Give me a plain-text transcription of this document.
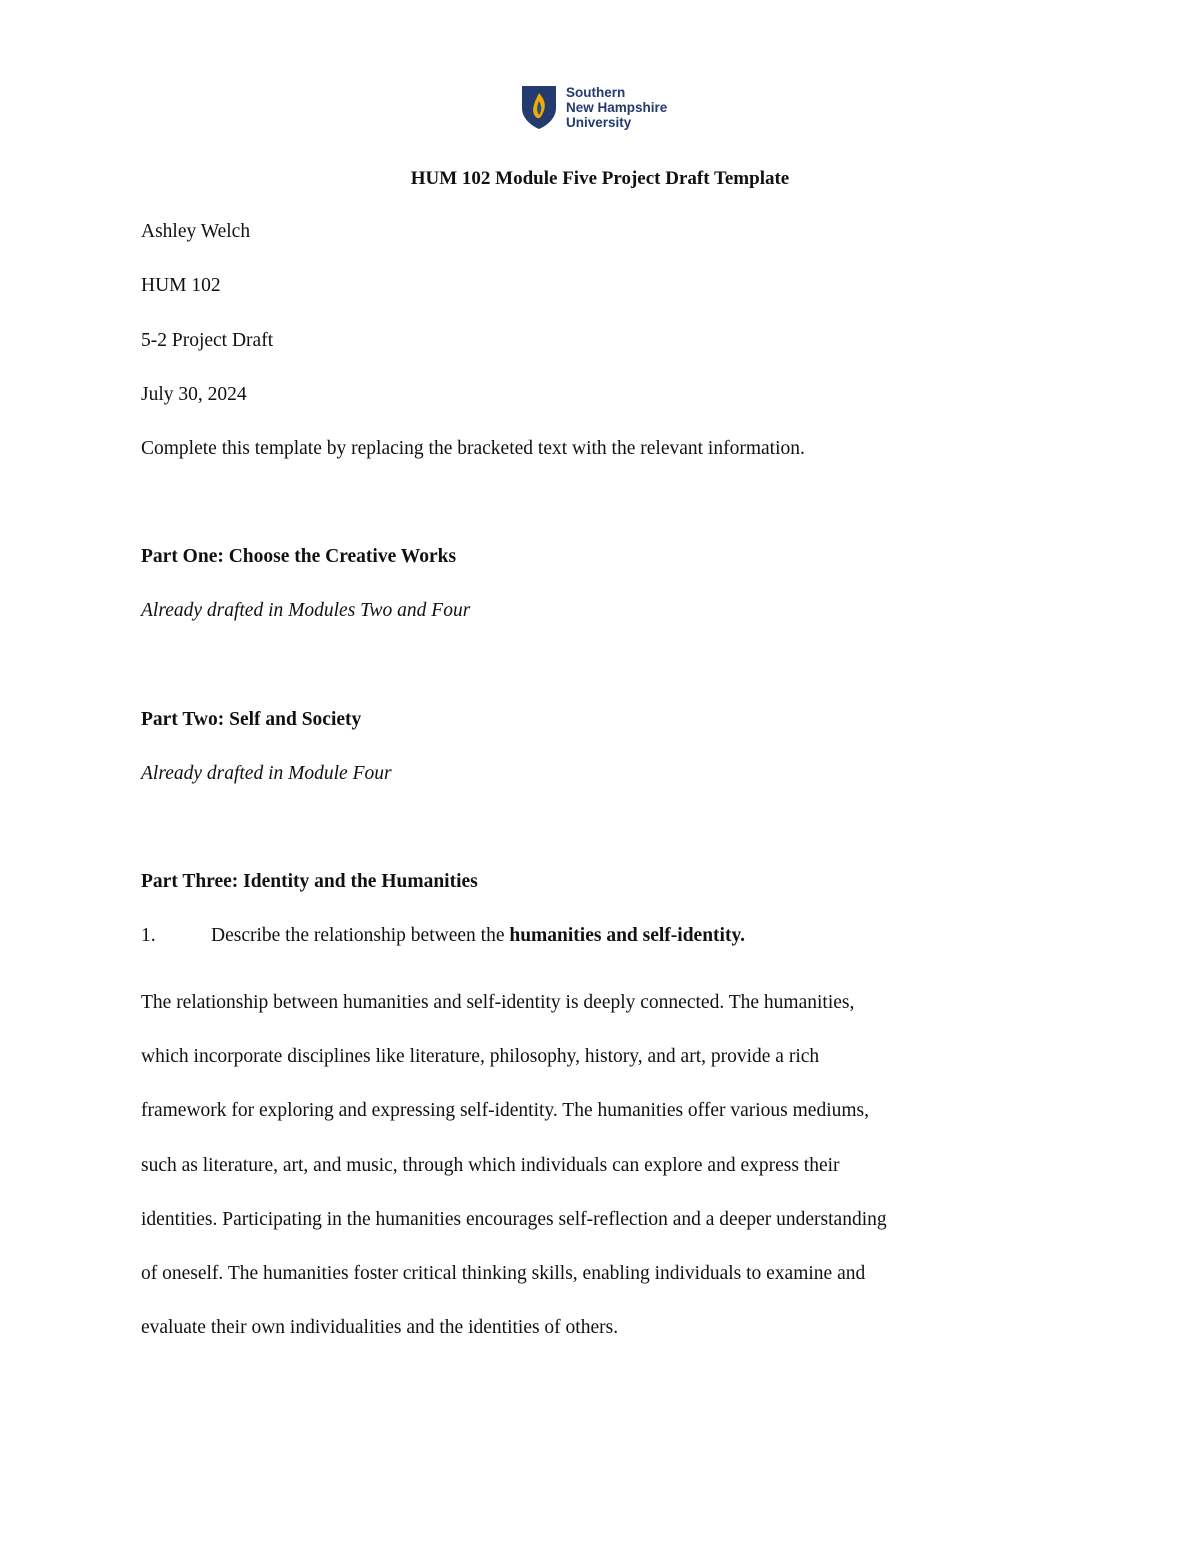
Southern
New Hampshire
University
HUM 102 Module Five Project Draft Template
Ashley Welch
HUM 102
5-2 Project Draft
July 30, 2024
Complete this template by replacing the bracketed text with the relevant information.
Part One: Choose the Creative Works
Already drafted in Modules Two and Four
Part Two: Self and Society
Already drafted in Module Four
Part Three: Identity and the Humanities
1.	Describe the relationship between the humanities and self-identity.
The relationship between humanities and self-identity is deeply connected. The humanities,
which incorporate disciplines like literature, philosophy, history, and art, provide a rich
framework for exploring and expressing self-identity. The humanities offer various mediums,
such as literature, art, and music, through which individuals can explore and express their
identities. Participating in the humanities encourages self-reflection and a deeper understanding
of oneself. The humanities foster critical thinking skills, enabling individuals to examine and
evaluate their own individualities and the identities of others.
